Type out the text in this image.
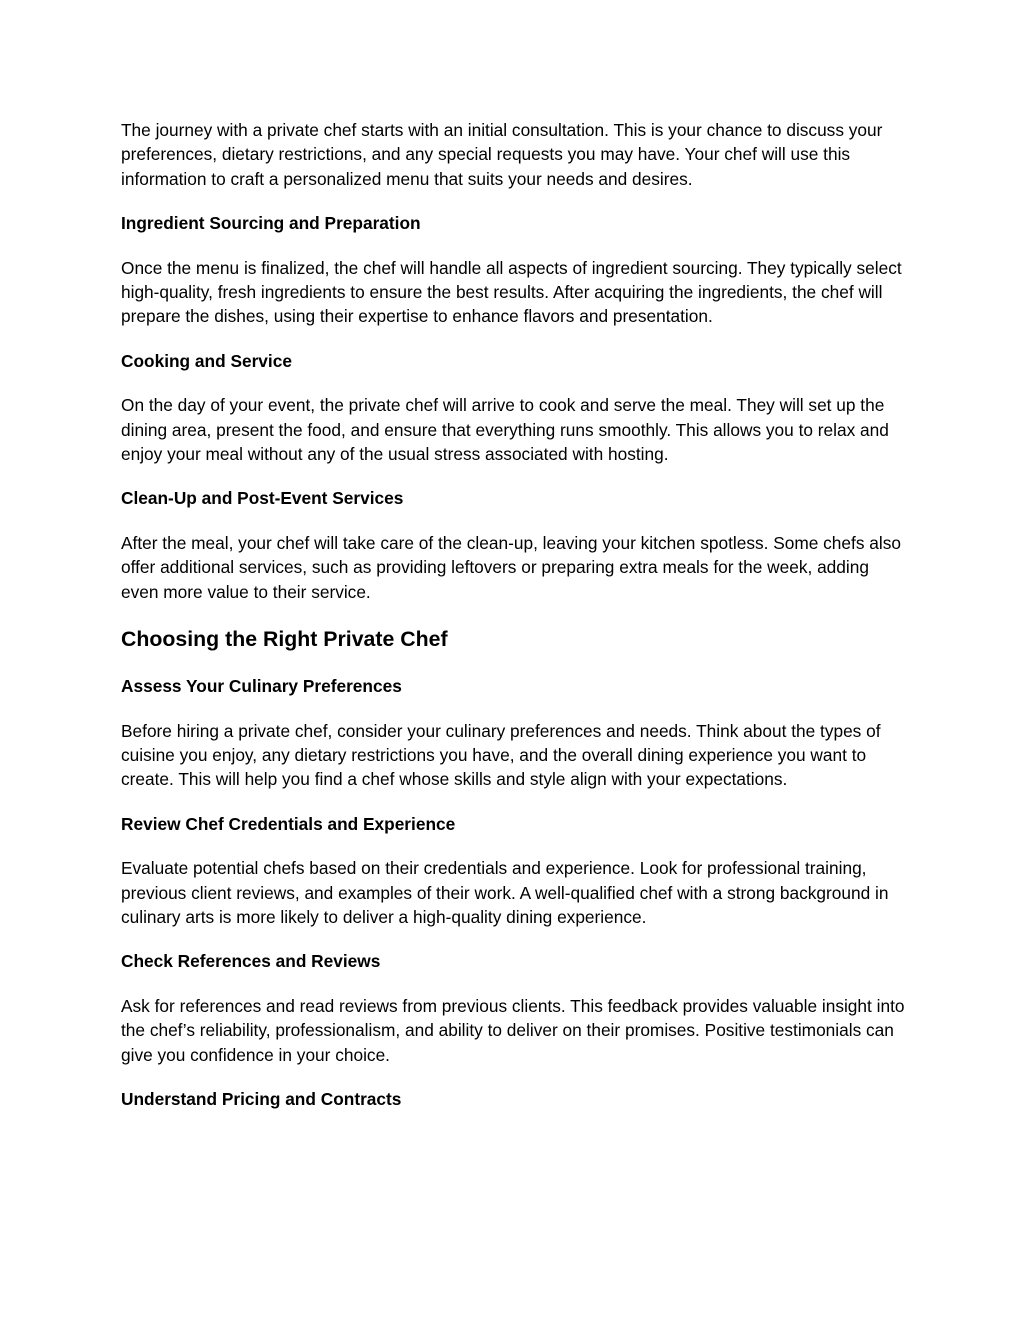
The journey with a private chef starts with an initial consultation. This is your chance to discuss your preferences, dietary restrictions, and any special requests you may have. Your chef will use this information to craft a personalized menu that suits your needs and desires.

Ingredient Sourcing and Preparation

Once the menu is finalized, the chef will handle all aspects of ingredient sourcing. They typically select high-quality, fresh ingredients to ensure the best results. After acquiring the ingredients, the chef will prepare the dishes, using their expertise to enhance flavors and presentation.

Cooking and Service

On the day of your event, the private chef will arrive to cook and serve the meal. They will set up the dining area, present the food, and ensure that everything runs smoothly. This allows you to relax and enjoy your meal without any of the usual stress associated with hosting.

Clean-Up and Post-Event Services

After the meal, your chef will take care of the clean-up, leaving your kitchen spotless. Some chefs also offer additional services, such as providing leftovers or preparing extra meals for the week, adding even more value to their service.

Choosing the Right Private Chef
Assess Your Culinary Preferences

Before hiring a private chef, consider your culinary preferences and needs. Think about the types of cuisine you enjoy, any dietary restrictions you have, and the overall dining experience you want to create. This will help you find a chef whose skills and style align with your expectations.

Review Chef Credentials and Experience

Evaluate potential chefs based on their credentials and experience. Look for professional training, previous client reviews, and examples of their work. A well-qualified chef with a strong background in culinary arts is more likely to deliver a high-quality dining experience.

Check References and Reviews

Ask for references and read reviews from previous clients. This feedback provides valuable insight into the chef’s reliability, professionalism, and ability to deliver on their promises. Positive testimonials can give you confidence in your choice.

Understand Pricing and Contracts
